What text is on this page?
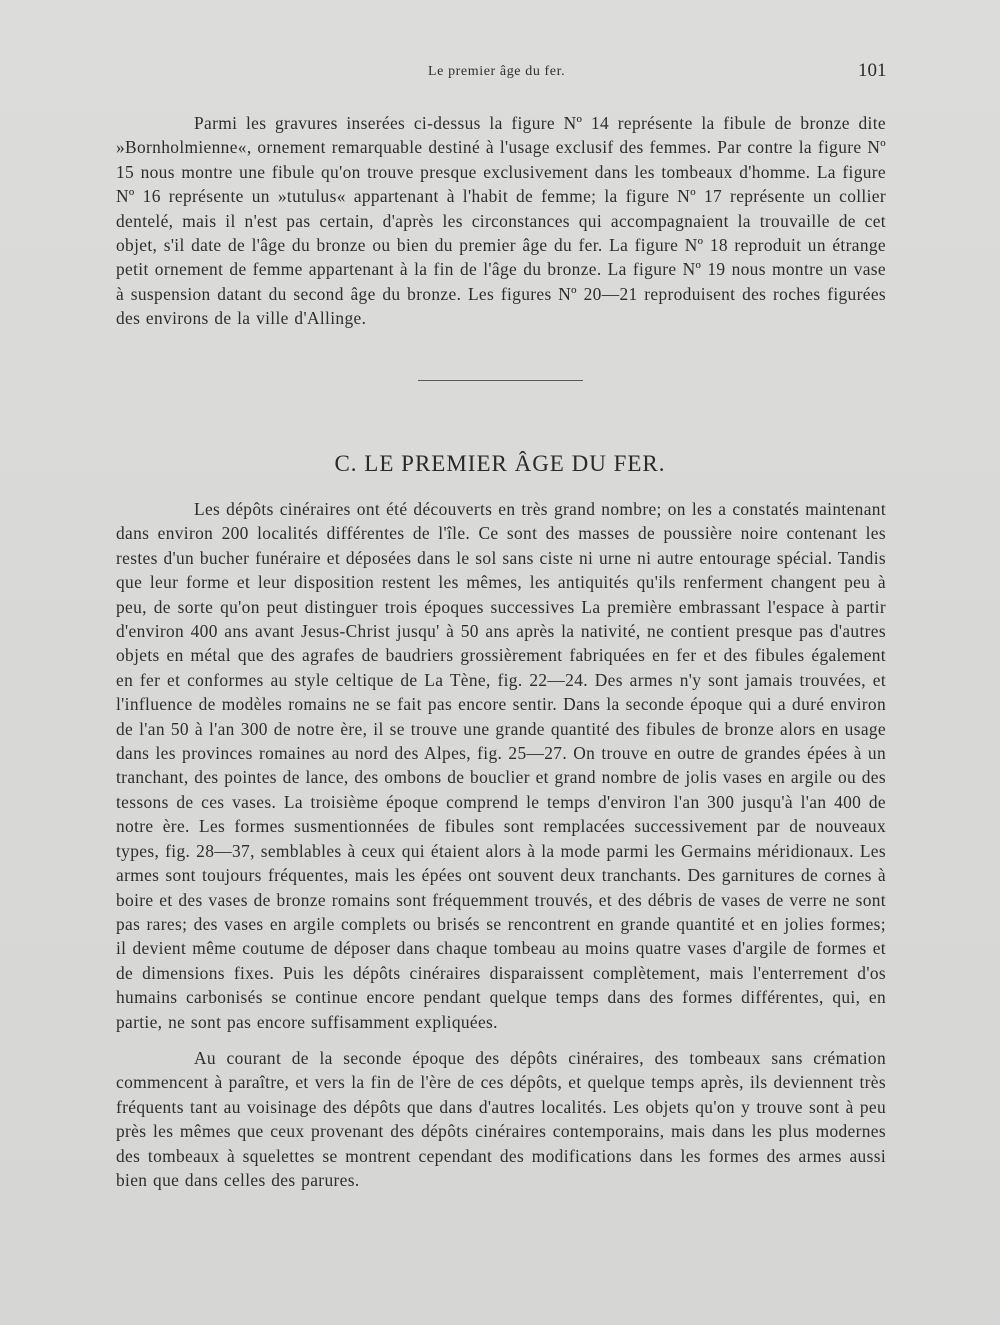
Le premier âge du fer.	101

Parmi les gravures inserées ci-dessus la figure Nº 14 représente la fibule de bronze dite »Bornholmienne«, ornement remarquable destiné à l'usage exclusif des femmes. Par contre la figure Nº 15 nous montre une fibule qu'on trouve presque exclusivement dans les tombeaux d'homme. La figure Nº 16 représente un »tutulus« appartenant à l'habit de femme; la figure Nº 17 représente un collier dentelé, mais il n'est pas certain, d'après les circonstances qui accompagnaient la trouvaille de cet objet, s'il date de l'âge du bronze ou bien du premier âge du fer. La figure Nº 18 reproduit un étrange petit ornement de femme appartenant à la fin de l'âge du bronze. La figure Nº 19 nous montre un vase à suspension datant du second âge du bronze. Les figures Nº 20—21 reproduisent des roches figurées des environs de la ville d'Allinge.

C. LE PREMIER ÂGE DU FER.

Les dépôts cinéraires ont été découverts en très grand nombre; on les a constatés maintenant dans environ 200 localités différentes de l'île. Ce sont des masses de poussière noire contenant les restes d'un bucher funéraire et déposées dans le sol sans ciste ni urne ni autre entourage spécial. Tandis que leur forme et leur disposition restent les mêmes, les antiquités qu'ils renferment changent peu à peu, de sorte qu'on peut distinguer trois époques successives La première embrassant l'espace à partir d'environ 400 ans avant Jesus-Christ jusqu' à 50 ans après la nativité, ne contient presque pas d'autres objets en métal que des agrafes de baudriers grossièrement fabriquées en fer et des fibules également en fer et conformes au style celtique de La Tène, fig. 22—24. Des armes n'y sont jamais trouvées, et l'influence de modèles romains ne se fait pas encore sentir. Dans la seconde époque qui a duré environ de l'an 50 à l'an 300 de notre ère, il se trouve une grande quantité des fibules de bronze alors en usage dans les provinces romaines au nord des Alpes, fig. 25—27. On trouve en outre de grandes épées à un tranchant, des pointes de lance, des ombons de bouclier et grand nombre de jolis vases en argile ou des tessons de ces vases. La troisième époque comprend le temps d'environ l'an 300 jusqu'à l'an 400 de notre ère. Les formes susmentionnées de fibules sont remplacées successivement par de nouveaux types, fig. 28—37, semblables à ceux qui étaient alors à la mode parmi les Germains méridionaux. Les armes sont toujours fréquentes, mais les épées ont souvent deux tranchants. Des garnitures de cornes à boire et des vases de bronze romains sont fréquemment trouvés, et des débris de vases de verre ne sont pas rares; des vases en argile complets ou brisés se rencontrent en grande quantité et en jolies formes; il devient même coutume de déposer dans chaque tombeau au moins quatre vases d'argile de formes et de dimensions fixes. Puis les dépôts cinéraires disparaissent complètement, mais l'enterrement d'os humains carbonisés se continue encore pendant quelque temps dans des formes différentes, qui, en partie, ne sont pas encore suffisamment expliquées.

Au courant de la seconde époque des dépôts cinéraires, des tombeaux sans crémation commencent à paraître, et vers la fin de l'ère de ces dépôts, et quelque temps après, ils deviennent très fréquents tant au voisinage des dépôts que dans d'autres localités. Les objets qu'on y trouve sont à peu près les mêmes que ceux provenant des dépôts cinéraires contemporains, mais dans les plus modernes des tombeaux à squelettes se montrent cependant des modifications dans les formes des armes aussi bien que dans celles des parures.
